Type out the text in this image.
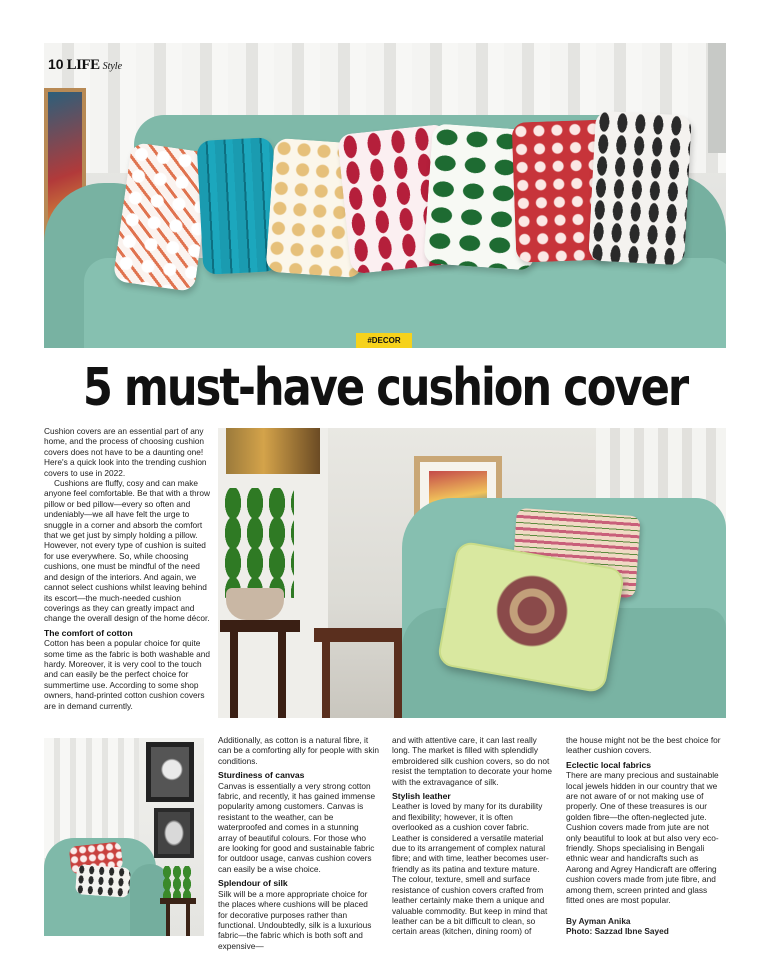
10 LIFE Style
#DECOR
5 must-have cushion cover

Cushion covers are an essential part of any home, and the process of choosing cushion covers does not have to be a daunting one! Here's a quick look into the trending cushion covers to use in 2022.

Cushions are fluffy, cosy and can make anyone feel comfortable. Be that with a throw pillow or bed pillow—every so often and undeniably—we all have felt the urge to snuggle in a corner and absorb the comfort that we get just by simply holding a pillow. However, not every type of cushion is suited for use everywhere. So, while choosing cushions, one must be mindful of the need and design of the interiors. And again, we cannot select cushions whilst leaving behind its escort—the much-needed cushion coverings as they can greatly impact and change the overall design of the home décor.

The comfort of cotton

Cotton has been a popular choice for quite some time as the fabric is both washable and hardy. Moreover, it is very cool to the touch and can easily be the perfect choice for summertime use. According to some shop owners, hand-printed cotton cushion covers are in demand currently.

Additionally, as cotton is a natural fibre, it can be a comforting ally for people with skin conditions.

Sturdiness of canvas

Canvas is essentially a very strong cotton fabric, and recently, it has gained immense popularity among customers. Canvas is resistant to the weather, can be waterproofed and comes in a stunning array of beautiful colours. For those who are looking for good and sustainable fabric for outdoor usage, canvas cushion covers can easily be a wise choice.

Splendour of silk

Silk will be a more appropriate choice for the places where cushions will be placed for decorative purposes rather than functional. Undoubtedly, silk is a luxurious fabric—the fabric which is both soft and expensive—

and with attentive care, it can last really long. The market is filled with splendidly embroidered silk cushion covers, so do not resist the temptation to decorate your home with the extravagance of silk.

Stylish leather

Leather is loved by many for its durability and flexibility; however, it is often overlooked as a cushion cover fabric. Leather is considered a versatile material due to its arrangement of complex natural fibre; and with time, leather becomes user-friendly as its patina and texture mature. The colour, texture, smell and surface resistance of cushion covers crafted from leather certainly make them a unique and valuable commodity. But keep in mind that leather can be a bit difficult to clean, so certain areas (kitchen, dining room) of

the house might not be the best choice for leather cushion covers.

Eclectic local fabrics

There are many precious and sustainable local jewels hidden in our country that we are not aware of or not making use of properly. One of these treasures is our golden fibre—the often-neglected jute. Cushion covers made from jute are not only beautiful to look at but also very eco-friendly. Shops specialising in Bengali ethnic wear and handicrafts such as Aarong and Agrey Handicraft are offering cushion covers made from jute fibre, and among them, screen printed and glass fitted ones are most popular.

By Ayman Anika
Photo: Sazzad Ibne Sayed
